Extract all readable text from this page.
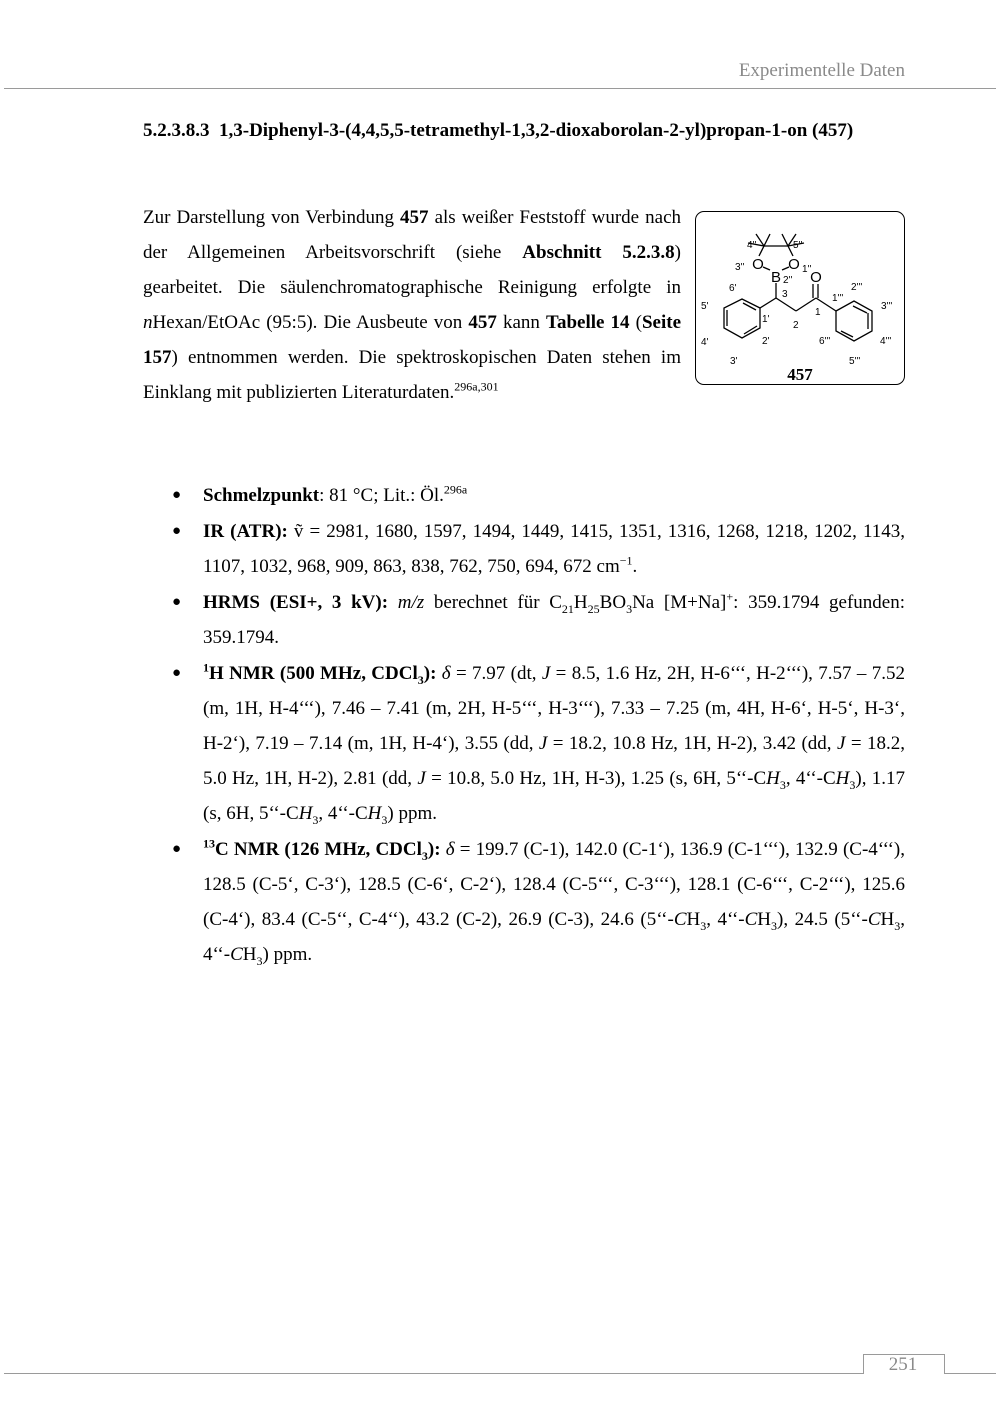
Experimentelle Daten
5.2.3.8.3 1,3-Diphenyl-3-(4,4,5,5-tetramethyl-1,3,2-dioxaborolan-2-yl)propan-1-on (457)

Zur Darstellung von Verbindung 457 als weißer Feststoff wurde nach der Allgemeinen Arbeitsvorschrift (siehe Abschnitt 5.2.3.8) gearbeitet. Die säulenchromatographische Reinigung erfolgte in nHexan/EtOAc (95:5). Die Ausbeute von 457 kann Tabelle 14 (Seite 157) entnommen werden. Die spektroskopischen Daten stehen im Einklang mit publizierten Literaturdaten.$^{296a,301}$

O O
B O
4''	5''
3''	1''
2''
6'
3
5'
1'
2
1
1'''
2'''
3'''
4'	2'	6'''	4'''
3'	5'''
457
● Schmelzpunkt: 81 °C; Lit.: Öl.$^{296a}$
● IR (ATR): ṽ = 2981, 1680, 1597, 1494, 1449, 1415, 1351, 1316, 1268, 1218, 1202, 1143, 1107, 1032, 968, 909, 863, 838, 762, 750, 694, 672 $cm^{-1}$.
● HRMS (ESI+, 3 kV): m/z berechnet für $C_{21}H_{25}BO_3Na$ [M+Na]+: 359.1794 gefunden: 359.1794.
● $^1$H NMR (500 MHz, CDCl$_3$): δ = 7.97 (dt, J = 8.5, 1.6 Hz, 2H, H-6‘‘‘, H-2‘‘‘), 7.57 – 7.52 (m, 1H, H-4‘‘‘), 7.46 – 7.41 (m, 2H, H-5‘‘‘, H-3‘‘‘), 7.33 – 7.25 (m, 4H, H-6‘, H-5‘, H-3‘, H-2‘), 7.19 – 7.14 (m, 1H, H-4‘), 3.55 (dd, J = 18.2, 10.8 Hz, 1H, H-2), 3.42 (dd, J = 18.2, 5.0 Hz, 1H, H-2), 2.81 (dd, J = 10.8, 5.0 Hz, 1H, H-3), 1.25 (s, 6H, $5‘‘-CH_3$, $4‘‘-CH_3$), 1.17 (s, 6H, $5‘‘-CH_3$, $4‘‘-CH_3$) ppm.
● $^{13}$C NMR (126 MHz, CDCl$_3$): δ = 199.7 (C-1), 142.0 (C-1‘), 136.9 (C-1‘‘‘), 132.9 (C-4‘‘‘), 128.5 (C-5‘, C-3‘), 128.5 (C-6‘, C-2‘), 128.4 (C-5‘‘‘, C-3‘‘‘), 128.1 (C-6‘‘‘, C-2‘‘‘), 125.6 (C-4‘), 83.4 (C-5‘‘, C-4‘‘), 43.2 (C-2), 26.9 (C-3), 24.6 ($5‘‘-CH_3$, $4‘‘-CH_3$), 24.5 ($5‘‘-CH_3$, $4‘‘-CH_3$) ppm.
251
